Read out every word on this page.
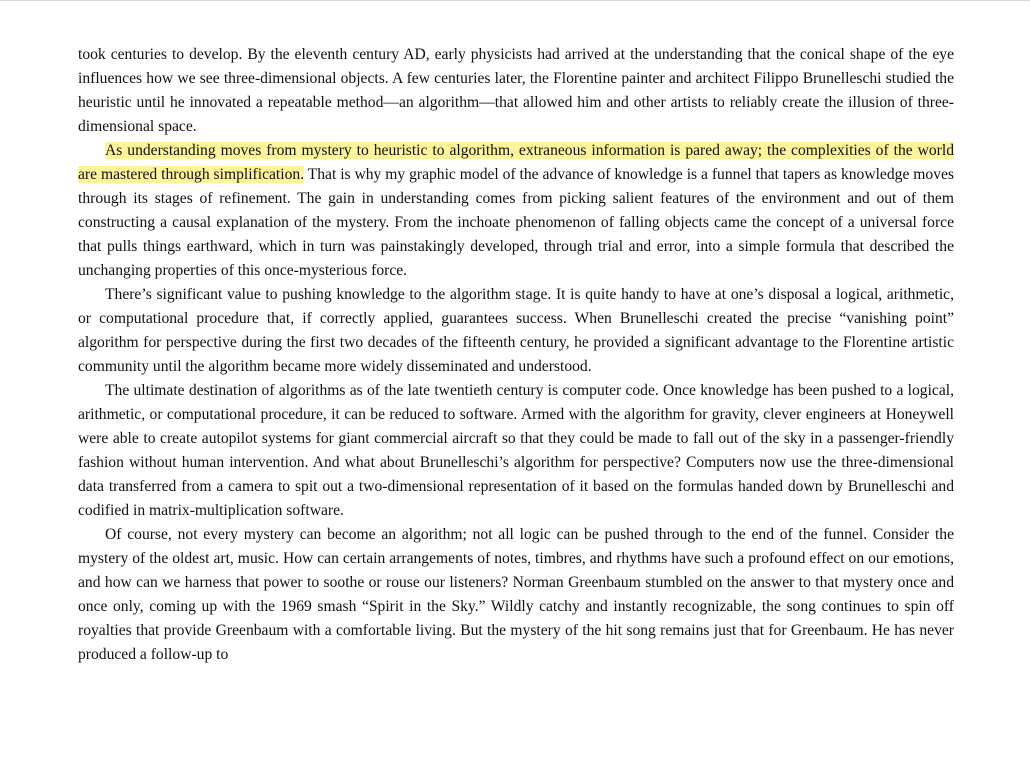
took centuries to develop. By the eleventh century AD, early physicists had arrived at the understanding that the conical shape of the eye influences how we see three-dimensional objects. A few centuries later, the Florentine painter and architect Filippo Brunelleschi studied the heuristic until he innovated a repeatable method—an algorithm—that allowed him and other artists to reliably create the illusion of three-dimensional space.

As understanding moves from mystery to heuristic to algorithm, extraneous information is pared away; the complexities of the world are mastered through simplification. That is why my graphic model of the advance of knowledge is a funnel that tapers as knowledge moves through its stages of refinement. The gain in understanding comes from picking salient features of the environment and out of them constructing a causal explanation of the mystery. From the inchoate phenomenon of falling objects came the concept of a universal force that pulls things earthward, which in turn was painstakingly developed, through trial and error, into a simple formula that described the unchanging properties of this once-mysterious force.

There’s significant value to pushing knowledge to the algorithm stage. It is quite handy to have at one’s disposal a logical, arithmetic, or computational procedure that, if correctly applied, guarantees success. When Brunelleschi created the precise “vanishing point” algorithm for perspective during the first two decades of the fifteenth century, he provided a significant advantage to the Florentine artistic community until the algorithm became more widely disseminated and understood.

The ultimate destination of algorithms as of the late twentieth century is computer code. Once knowledge has been pushed to a logical, arithmetic, or computational procedure, it can be reduced to software. Armed with the algorithm for gravity, clever engineers at Honeywell were able to create autopilot systems for giant commercial aircraft so that they could be made to fall out of the sky in a passenger-friendly fashion without human intervention. And what about Brunelleschi’s algorithm for perspective? Computers now use the three-dimensional data transferred from a camera to spit out a two-dimensional representation of it based on the formulas handed down by Brunelleschi and codified in matrix-multiplication software.

Of course, not every mystery can become an algorithm; not all logic can be pushed through to the end of the funnel. Consider the mystery of the oldest art, music. How can certain arrangements of notes, timbres, and rhythms have such a profound effect on our emotions, and how can we harness that power to soothe or rouse our listeners? Norman Greenbaum stumbled on the answer to that mystery once and once only, coming up with the 1969 smash “Spirit in the Sky.” Wildly catchy and instantly recognizable, the song continues to spin off royalties that provide Greenbaum with a comfortable living. But the mystery of the hit song remains just that for Greenbaum. He has never produced a follow-up to
